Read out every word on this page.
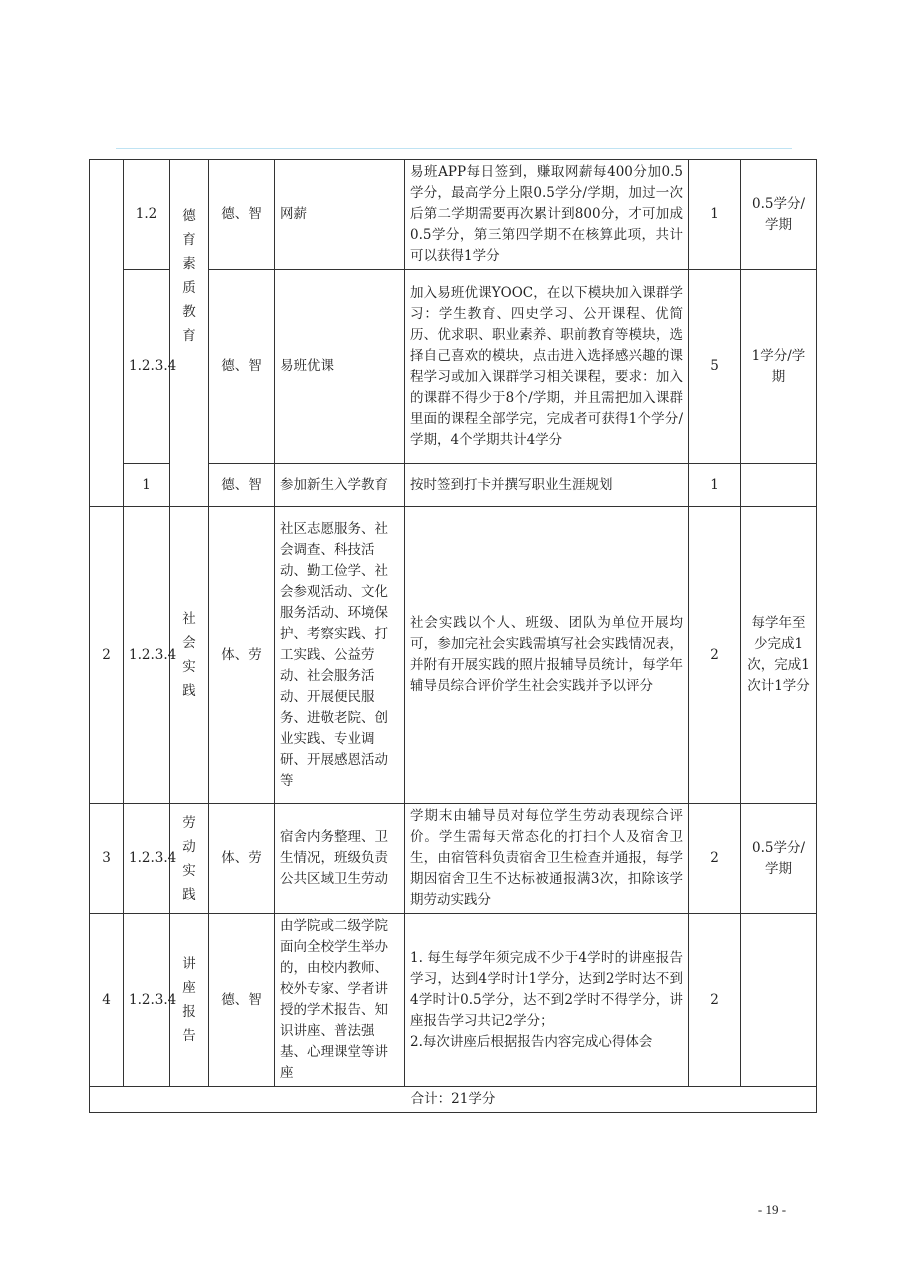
	1.2	德育素质教育	德、智	网薪	易班APP每日签到，赚取网薪每400分加0.5学分，最高学分上限0.5学分/学期，加过一次后第二学期需要再次累计到800分，才可加成0.5学分，第三第四学期不在核算此项，共计可以获得1学分	1	0.5学分/学期
	1.2.3.4		德、智	易班优课	加入易班优课YOOC，在以下模块加入课群学习：学生教育、四史学习、公开课程、优简历、优求职、职业素养、职前教育等模块，选择自己喜欢的模块，点击进入选择感兴趣的课程学习或加入课群学习相关课程，要求：加入的课群不得少于8个/学期，并且需把加入课群里面的课程全部学完，完成者可获得1个学分/学期，4个学期共计4学分	5	1学分/学期
	1		德、智	参加新生入学教育	按时签到打卡并撰写职业生涯规划	1	
2	1.2.3.4	社会实践	体、劳	社区志愿服务、社会调查、科技活动、勤工俭学、社会参观活动、文化服务活动、环境保护、考察实践、打工实践、公益劳动、社会服务活动、开展便民服务、进敬老院、创业实践、专业调研、开展感恩活动等	社会实践以个人、班级、团队为单位开展均可，参加完社会实践需填写社会实践情况表，并附有开展实践的照片报辅导员统计，每学年辅导员综合评价学生社会实践并予以评分	2	每学年至少完成1次，完成1次计1学分
3	1.2.3.4	劳动实践	体、劳	宿舍内务整理、卫生情况，班级负责公共区域卫生劳动	学期末由辅导员对每位学生劳动表现综合评价。学生需每天常态化的打扫个人及宿舍卫生，由宿管科负责宿舍卫生检查并通报，每学期因宿舍卫生不达标被通报满3次，扣除该学期劳动实践分	2	0.5学分/学期
4	1.2.3.4	讲座报告	德、智	由学院或二级学院面向全校学生举办的，由校内教师、校外专家、学者讲授的学术报告、知识讲座、普法强基、心理课堂等讲座	1. 每生每学年须完成不少于4学时的讲座报告学习，达到4学时计1学分，达到2学时达不到4学时计0.5学分，达不到2学时不得学分，讲座报告学习共记2学分；
2.每次讲座后根据报告内容完成心得体会	2	
合计：21学分							
- 19 -
